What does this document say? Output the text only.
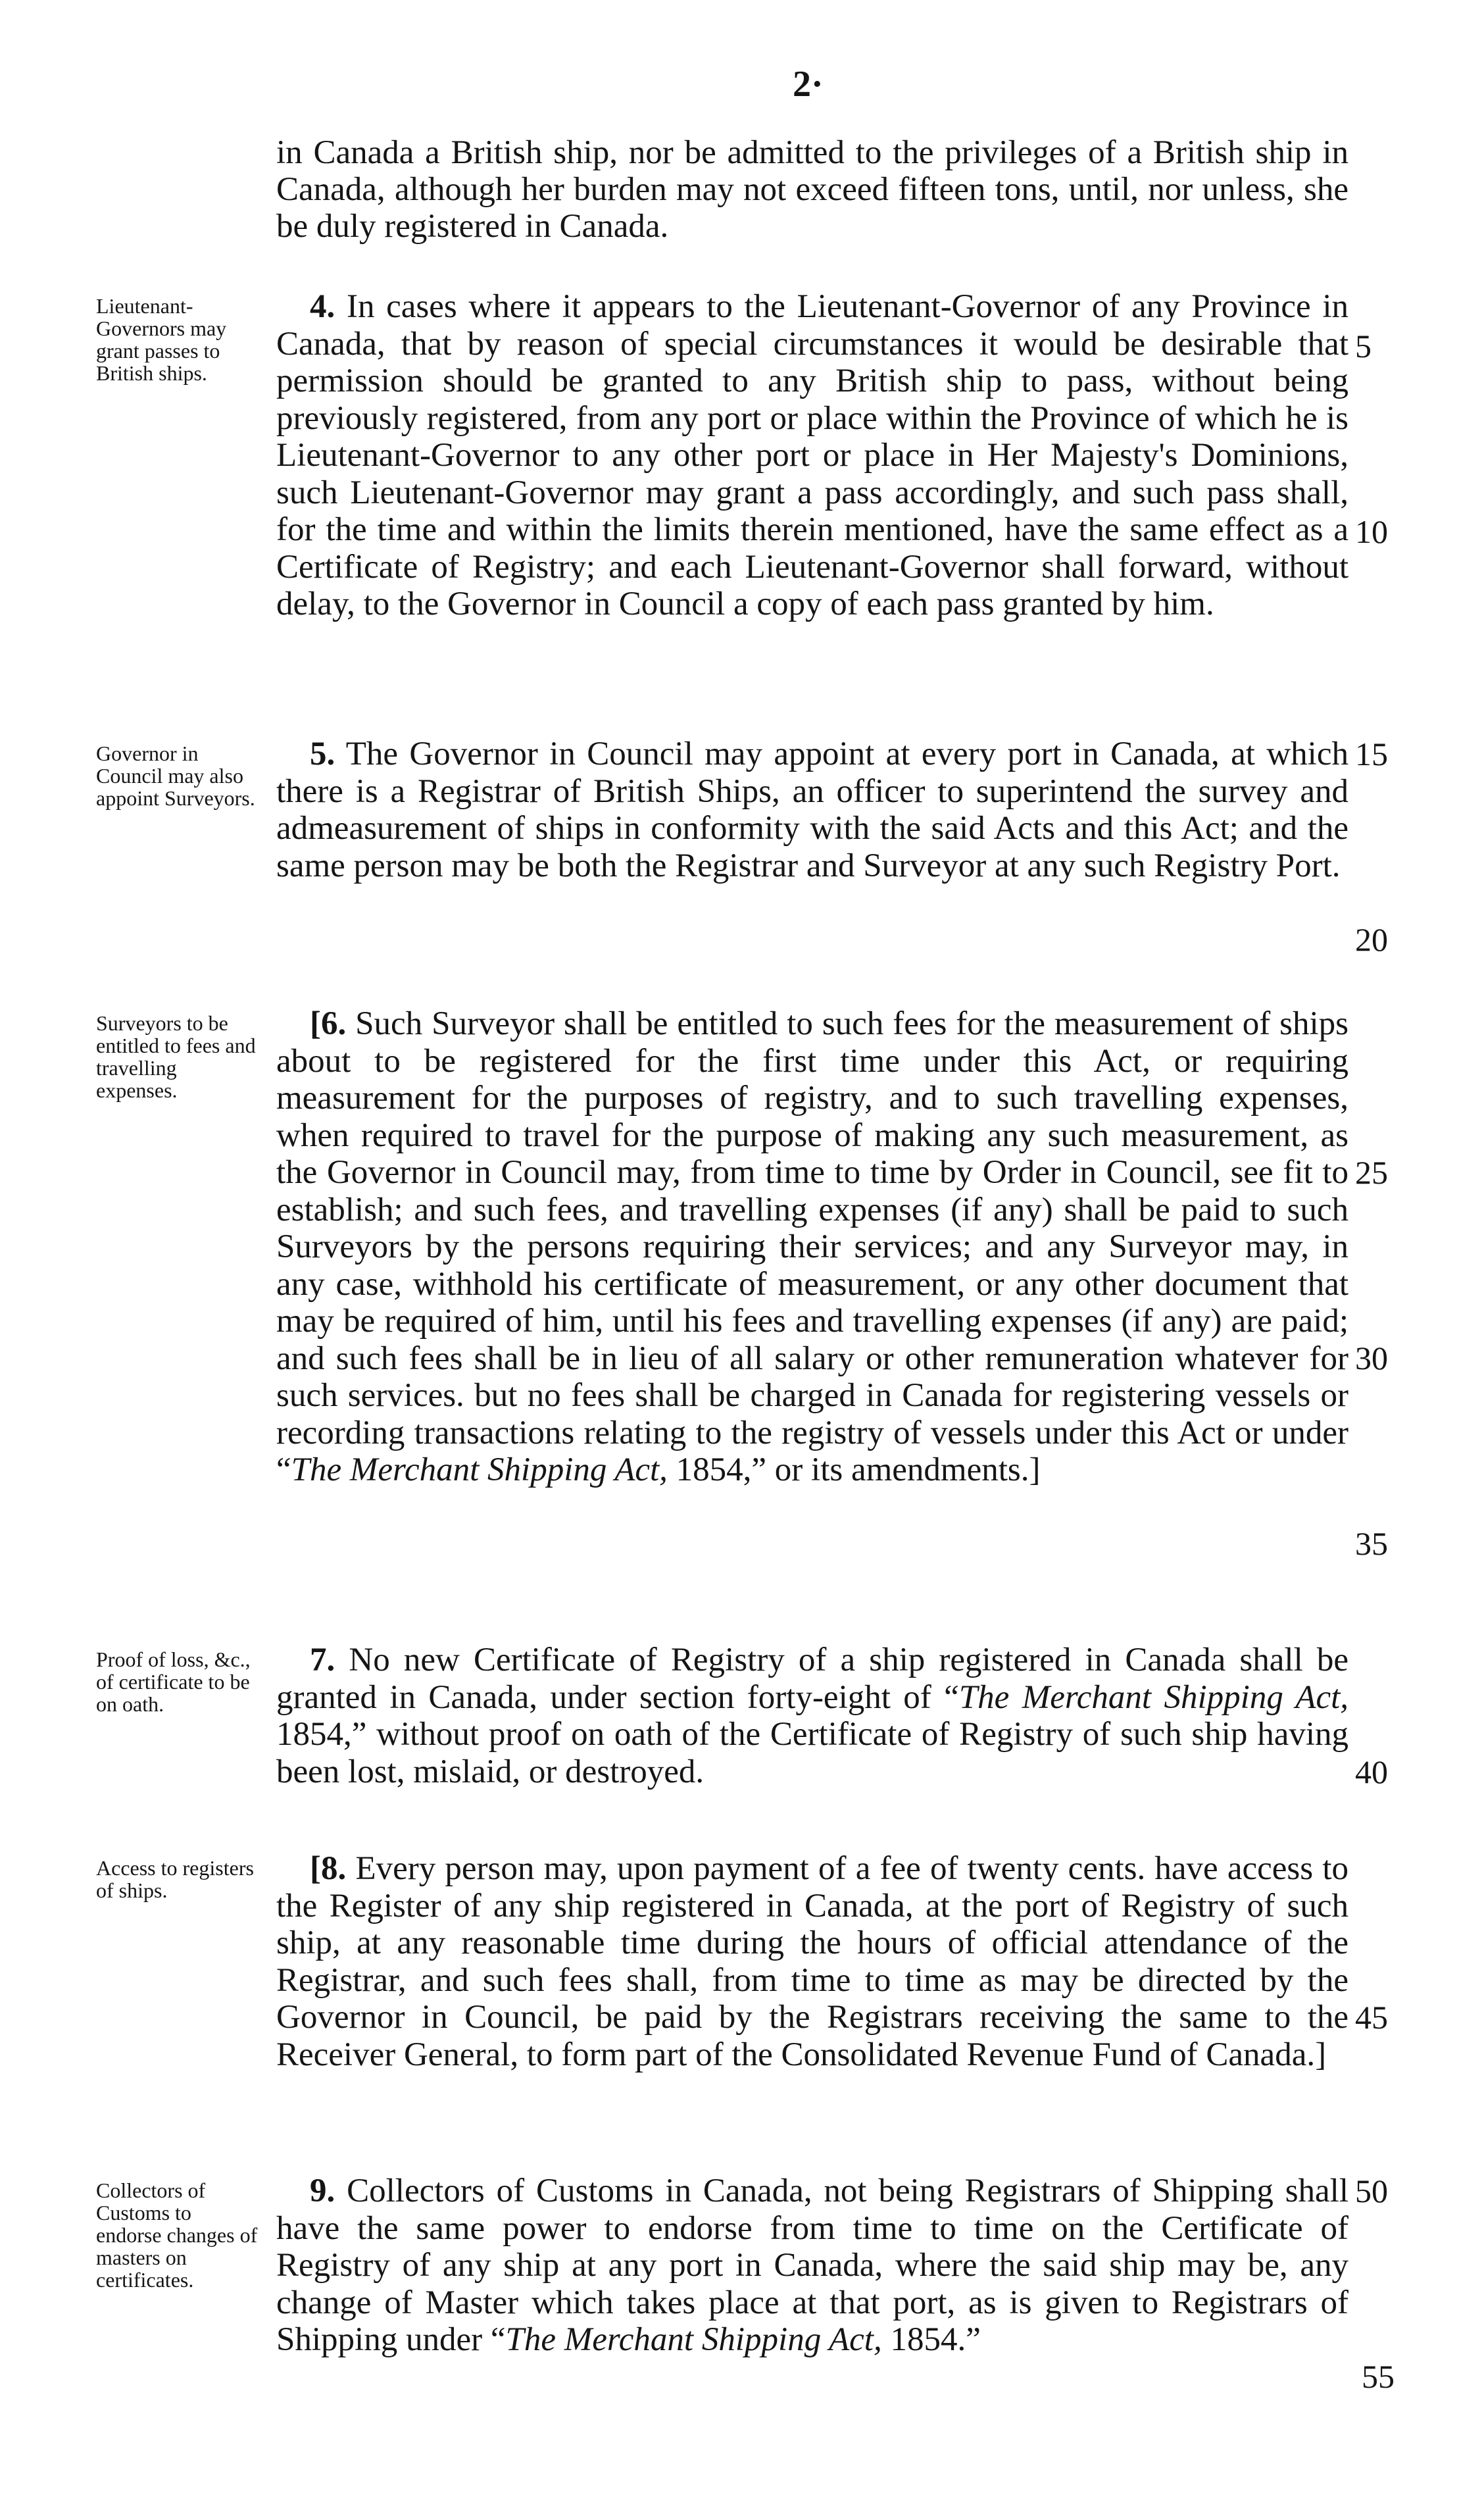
2·
in Canada a British ship, nor be admitted to the privileges of a British ship in Canada, although her burden may not exceed fifteen tons, until, nor unless, she be duly registered in Canada.
Lieutenant-Governors may grant passes to British ships.
 4. In cases where it appears to the Lieutenant-Governor of any Province in Canada, that by reason of special circumstances it would be desirable that permission should be granted to any British ship to pass, without being previously registered, from any port or place within the Province of which he is Lieutenant-Governor to any other port or place in Her Majesty's Dominions, such Lieutenant-Governor may grant a pass accordingly, and such pass shall, for the time and within the limits therein mentioned, have the same effect as a Certificate of Registry; and each Lieutenant-Governor shall forward, without delay, to the Governor in Council a copy of each pass granted by him.
Governor in Council may also appoint Surveyors.
 5. The Governor in Council may appoint at every port in Canada, at which there is a Registrar of British Ships, an officer to superintend the survey and admeasurement of ships in conformity with the said Acts and this Act; and the same person may be both the Registrar and Surveyor at any such Registry Port.
Surveyors to be entitled to fees and travelling expenses.
 [6. Such Surveyor shall be entitled to such fees for the measurement of ships about to be registered for the first time under this Act, or requiring measurement for the purposes of registry, and to such travelling expenses, when required to travel for the purpose of making any such measurement, as the Governor in Council may, from time to time by Order in Council, see fit to establish; and such fees, and travelling expenses (if any) shall be paid to such Surveyors by the persons requiring their services; and any Surveyor may, in any case, withhold his certificate of measurement, or any other document that may be required of him, until his fees and travelling expenses (if any) are paid; and such fees shall be in lieu of all salary or other remuneration whatever for such services. but no fees shall be charged in Canada for registering vessels or recording transactions relating to the registry of vessels under this Act or under “The Merchant Shipping Act, 1854,” or its amendments.]
Proof of loss, &c., of certificate to be on oath.
 7. No new Certificate of Registry of a ship registered in Canada shall be granted in Canada, under section forty-eight of “The Merchant Shipping Act, 1854,” without proof on oath of the Certificate of Registry of such ship having been lost, mislaid, or destroyed.
Access to registers of ships.
 [8. Every person may, upon payment of a fee of twenty cents. have access to the Register of any ship registered in Canada, at the port of Registry of such ship, at any reasonable time during the hours of official attendance of the Registrar, and such fees shall, from time to time as may be directed by the Governor in Council, be paid by the Registrars receiving the same to the Receiver General, to form part of the Consolidated Revenue Fund of Canada.]
Collectors of Customs to endorse changes of masters on certificates.
 9. Collectors of Customs in Canada, not being Registrars of Shipping shall have the same power to endorse from time to time on the Certificate of Registry of any ship at any port in Canada, where the said ship may be, any change of Master which takes place at that port, as is given to Registrars of Shipping under “The Merchant Shipping Act, 1854.”
5
10
15
20
25
30
35
40
45
50
55
